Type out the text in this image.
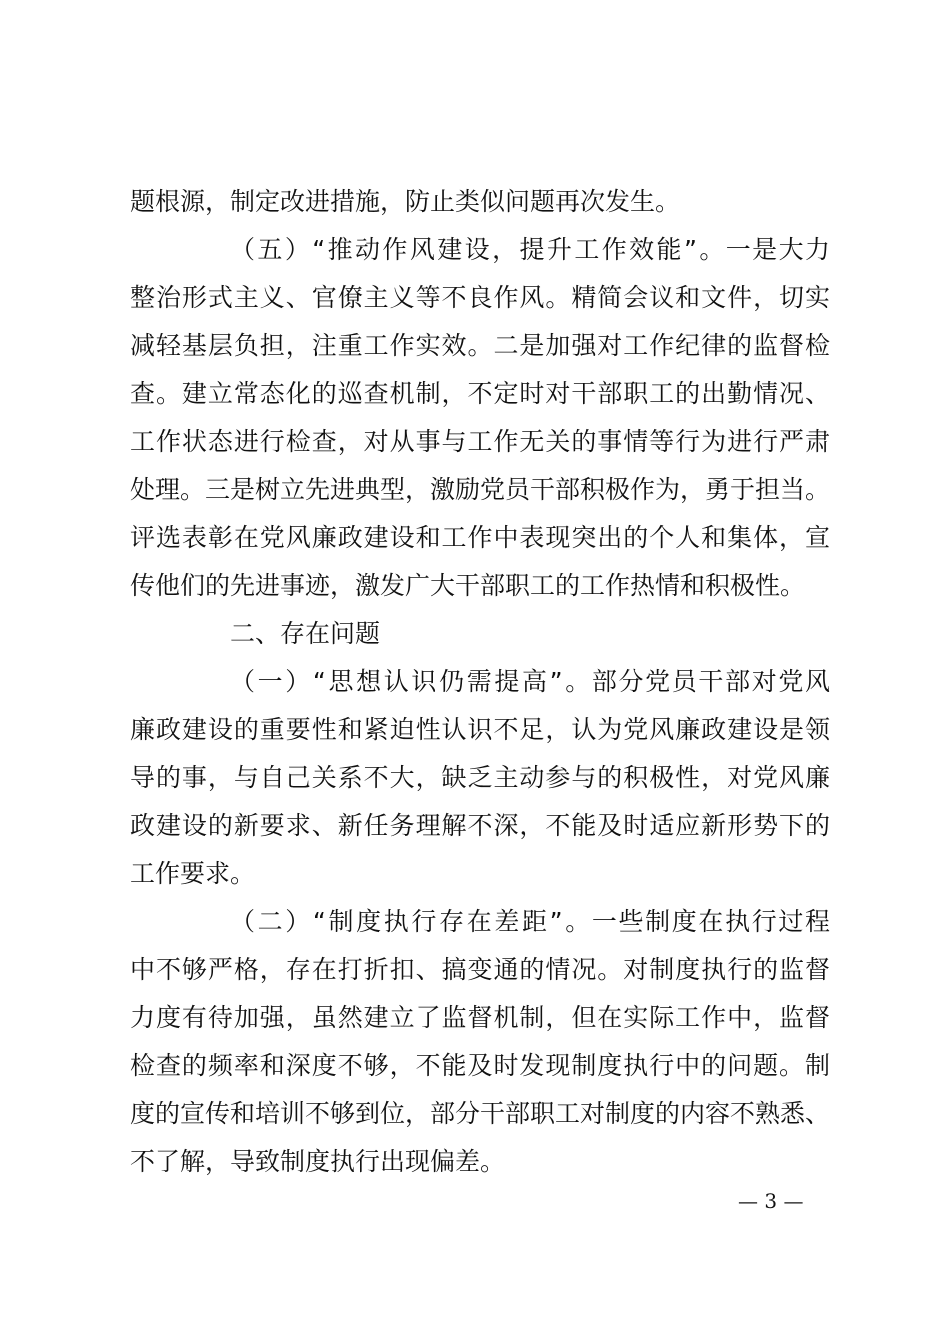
题根源，制定改进措施，防止类似问题再次发生。
（五）“推动作风建设，提升工作效能”。一是大力
整治形式主义、官僚主义等不良作风。精简会议和文件，切实
减轻基层负担，注重工作实效。二是加强对工作纪律的监督检
查。建立常态化的巡查机制，不定时对干部职工的出勤情况、
工作状态进行检查，对从事与工作无关的事情等行为进行严肃
处理。三是树立先进典型，激励党员干部积极作为，勇于担当。
评选表彰在党风廉政建设和工作中表现突出的个人和集体，宣
传他们的先进事迹，激发广大干部职工的工作热情和积极性。
二、存在问题
（一）“思想认识仍需提高”。部分党员干部对党风
廉政建设的重要性和紧迫性认识不足，认为党风廉政建设是领
导的事，与自己关系不大，缺乏主动参与的积极性，对党风廉
政建设的新要求、新任务理解不深，不能及时适应新形势下的
工作要求。
（二）“制度执行存在差距”。一些制度在执行过程
中不够严格，存在打折扣、搞变通的情况。对制度执行的监督
力度有待加强，虽然建立了监督机制，但在实际工作中，监督
检查的频率和深度不够，不能及时发现制度执行中的问题。制
度的宣传和培训不够到位，部分干部职工对制度的内容不熟悉、
不了解，导致制度执行出现偏差。
— 3 —
